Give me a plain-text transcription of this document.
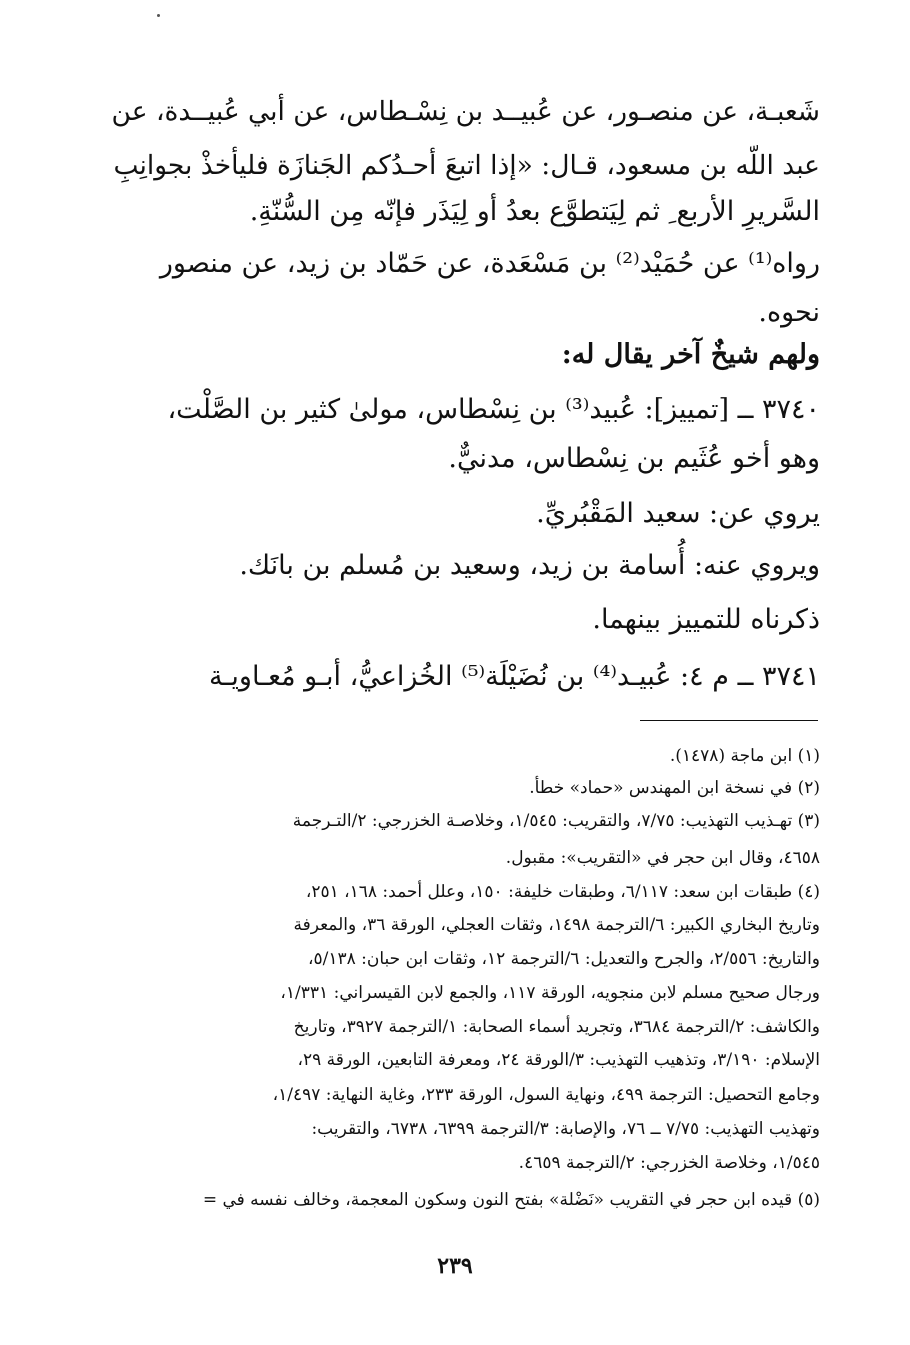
شَعبـة، عن منصـور، عن عُبيــد بن نِسْـطاس، عن أبي عُبيــدة، عن
عبد اللّه بن مسعود، قـال: «إذا اتبعَ أحـدُكم الجَنازَة فليأخذْ بجوانِبِ
السَّريرِ الأربع ِ ثم لِيَتطوَّع بعدُ أو لِيَذَر فإنّه مِن السُّنّةِ.
رواه⁽¹⁾ عن حُمَيْد⁽²⁾ بن مَسْعَدة، عن حَمّاد بن زيد، عن منصور
نحوه.
ولهم شيخٌ آخر يقال له:
٣٧٤٠ ــ [تمييز]: عُبيد⁽³⁾ بن نِسْطاس، مولىٰ كثير بن الصَّلْت،
وهو أخو عُثَيم بن نِسْطاس، مدنيٌّ.
يروي عن: سعيد المَقْبُريِّ.
ويروي عنه: أُسامة بن زيد، وسعيد بن مُسلم بن بانَك.
ذكرناه للتمييز بينهما.
٣٧٤١ ــ م ٤: عُبيـد⁽⁴⁾ بن نُضَيْلَة⁽⁵⁾ الخُزاعيُّ، أبـو مُعـاويـة
(١) ابن ماجة (١٤٧٨).
(٢) في نسخة ابن المهندس «حماد» خطأ.
(٣) تهـذيب التهذيب: ٧/٧٥، والتقريب: ١/٥٤٥، وخلاصـة الخزرجي: ٢/التـرجمة
٤٦٥٨، وقال ابن حجر في «التقريب»: مقبول.
(٤) طبقات ابن سعد: ٦/١١٧، وطبقات خليفة: ١٥٠، وعلل أحمد: ١٦٨، ٢٥١،
وتاريخ البخاري الكبير: ٦/الترجمة ١٤٩٨، وثقات العجلي، الورقة ٣٦، والمعرفة
والتاريخ: ٢/٥٥٦، والجرح والتعديل: ٦/الترجمة ١٢، وثقات ابن حبان: ٥/١٣٨،
ورجال صحيح مسلم لابن منجويه، الورقة ١١٧، والجمع لابن القيسراني: ١/٣٣١،
والكاشف: ٢/الترجمة ٣٦٨٤، وتجريد أسماء الصحابة: ١/الترجمة ٣٩٢٧، وتاريخ
الإسلام: ٣/١٩٠، وتذهيب التهذيب: ٣/الورقة ٢٤، ومعرفة التابعين، الورقة ٢٩،
وجامع التحصيل: الترجمة ٤٩٩، ونهاية السول، الورقة ٢٣٣، وغاية النهاية: ١/٤٩٧،
وتهذيب التهذيب: ٧/٧٥ ــ ٧٦، والإصابة: ٣/الترجمة ٦٣٩٩، ٦٧٣٨، والتقريب:
١/٥٤٥، وخلاصة الخزرجي: ٢/الترجمة ٤٦٥٩.
(٥) قيده ابن حجر في التقريب «نَضْلة» بفتح النون وسكون المعجمة، وخالف نفسه في =
٢٣٩
